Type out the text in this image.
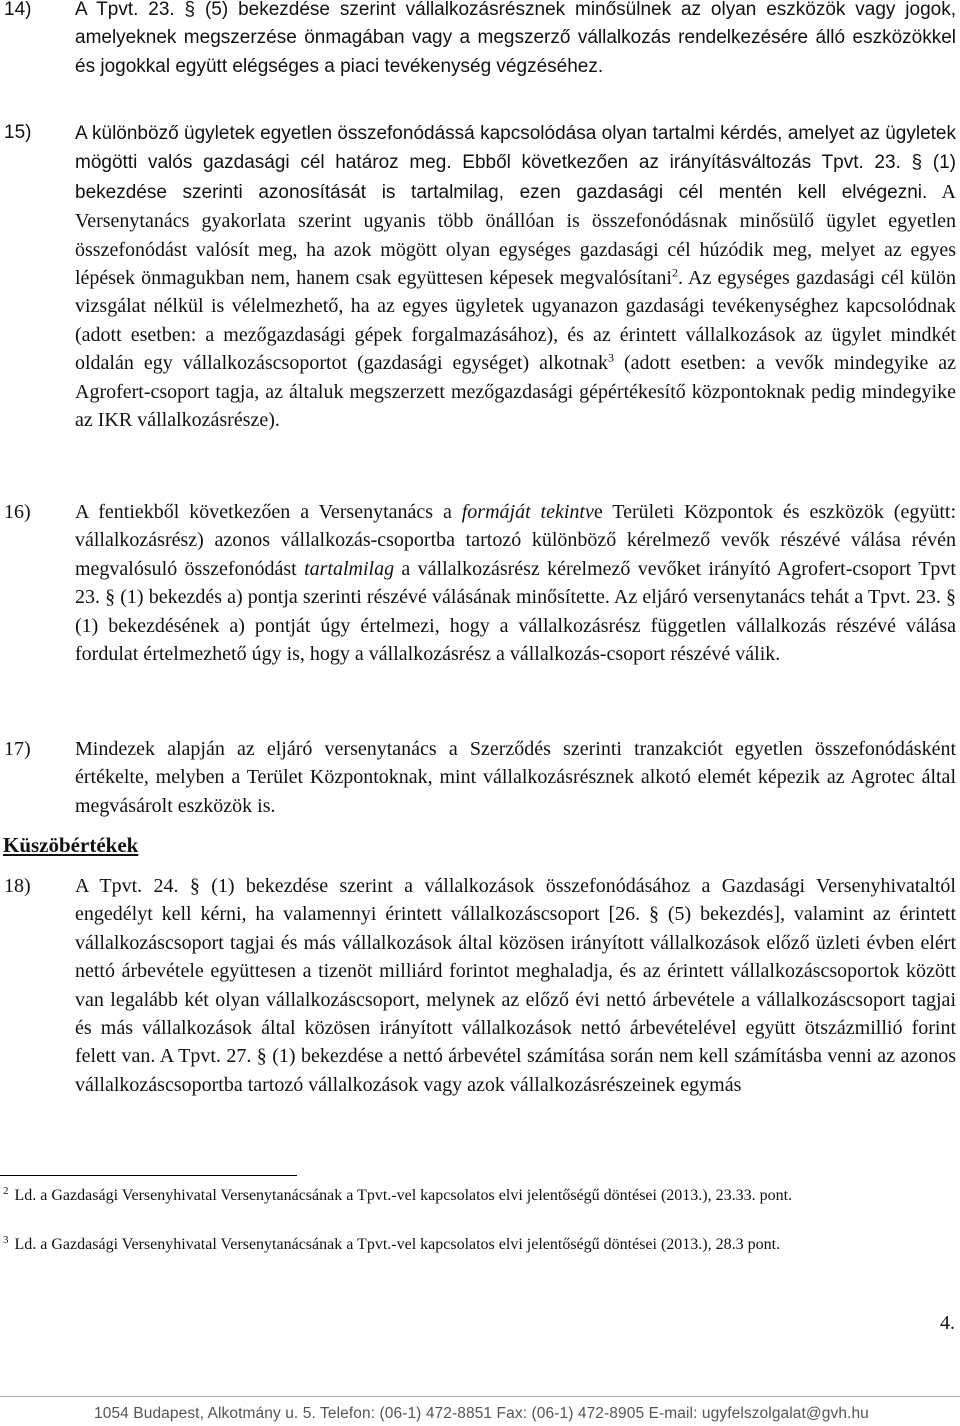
14) A Tpvt. 23. § (5) bekezdése szerint vállalkozásrésznek minősülnek az olyan eszközök vagy jogok, amelyeknek megszerzése önmagában vagy a megszerző vállalkozás rendelkezésére álló eszközökkel és jogokkal együtt elégséges a piaci tevékenység végzéséhez.
15) A különböző ügyletek egyetlen összefonódássá kapcsolódása olyan tartalmi kérdés, amelyet az ügyletek mögötti valós gazdasági cél határoz meg. Ebből következően az irányításváltozás Tpvt. 23. § (1) bekezdése szerinti azonosítását is tartalmilag, ezen gazdasági cél mentén kell elvégezni. A Versenytanács gyakorlata szerint ugyanis több önállóan is összefonódásnak minősülő ügylet egyetlen összefonódást valósít meg, ha azok mögött olyan egységes gazdasági cél húzódik meg, melyet az egyes lépések önmagukban nem, hanem csak együttesen képesek megvalósítani$^2$. Az egységes gazdasági cél külön vizsgálat nélkül is vélelmezhető, ha az egyes ügyletek ugyanazon gazdasági tevékenységhez kapcsolódnak (adott esetben: a mezőgazdasági gépek forgalmazásához), és az érintett vállalkozások az ügylet mindkét oldalán egy vállalkozáscsoportot (gazdasági egységet) alkotnak$^3$ (adott esetben: a vevők mindegyike az Agrofert-csoport tagja, az általuk megszerzett mezőgazdasági gépértékesítő központoknak pedig mindegyike az IKR vállalkozásrésze).
16) A fentiekből következően a Versenytanács a formáját tekintve Területi Központok és eszközök (együtt: vállalkozásrész) azonos vállalkozás-csoportba tartozó különböző kérelmező vevők részévé válása révén megvalósuló összefonódást tartalmilag a vállalkozásrész kérelmező vevőket irányító Agrofert-csoport Tpvt 23. § (1) bekezdés a) pontja szerinti részévé válásának minősítette. Az eljáró versenytanács tehát a Tpvt. 23. § (1) bekezdésének a) pontját úgy értelmezi, hogy a vállalkozásrész független vállalkozás részévé válása fordulat értelmezhető úgy is, hogy a vállalkozásrész a vállalkozás-csoport részévé válik.
17) Mindezek alapján az eljáró versenytanács a Szerződés szerinti tranzakciót egyetlen összefonódásként értékelte, melyben a Terület Központoknak, mint vállalkozásrésznek alkotó elemét képezik az Agrotec által megvásárolt eszközök is.
Küszöbértékek
18) A Tpvt. 24. § (1) bekezdése szerint a vállalkozások összefonódásához a Gazdasági Versenyhivataltól engedélyt kell kérni, ha valamennyi érintett vállalkozáscsoport [26. § (5) bekezdés], valamint az érintett vállalkozáscsoport tagjai és más vállalkozások által közösen irányított vállalkozások előző üzleti évben elért nettó árbevétele együttesen a tizenöt milliárd forintot meghaladja, és az érintett vállalkozáscsoportok között van legalább két olyan vállalkozáscsoport, melynek az előző évi nettó árbevétele a vállalkozáscsoport tagjai és más vállalkozások által közösen irányított vállalkozások nettó árbevételével együtt ötszázmillió forint felett van. A Tpvt. 27. § (1) bekezdése a nettó árbevétel számítása során nem kell számításba venni az azonos vállalkozáscsoportba tartozó vállalkozások vagy azok vállalkozásrészeinek egymás
$^2$ Ld. a Gazdasági Versenyhivatal Versenytanácsának a Tpvt.-vel kapcsolatos elvi jelentőségű döntései (2013.), 23.33. pont.
$^3$ Ld. a Gazdasági Versenyhivatal Versenytanácsának a Tpvt.-vel kapcsolatos elvi jelentőségű döntései (2013.), 28.3 pont.
4.
1054 Budapest, Alkotmány u. 5. Telefon: (06-1) 472-8851 Fax: (06-1) 472-8905 E-mail: ugyfelszolgalat@gvh.hu
